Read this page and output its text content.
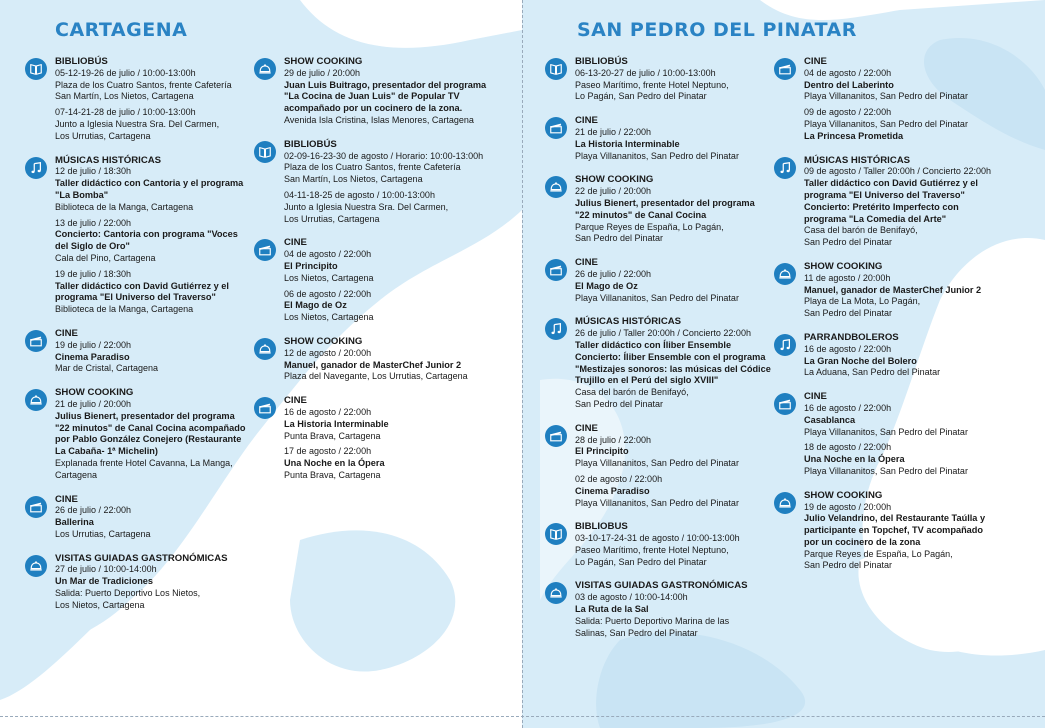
CARTAGENA	SAN PEDRO DEL PINATAR
BIBLIOBÚS
05-12-19-26 de julio / 10:00-13:00h
Plaza de los Cuatro Santos, frente Cafetería
San Martín, Los Nietos, Cartagena
07-14-21-28 de julio / 10:00-13:00h
Junto a Iglesia Nuestra Sra. Del Carmen,
Los Urrutias, Cartagena
MÚSICAS HISTÓRICAS
12 de julio / 18:30h
Taller didáctico con Cantoria y el programa
"La Bomba"
Biblioteca de la Manga, Cartagena
13 de julio / 22:00h
Concierto: Cantoria con programa "Voces
del Siglo de Oro"
Cala del Pino, Cartagena
19 de julio / 18:30h
Taller didáctico con David Gutiérrez y el
programa "El Universo del Traverso"
Biblioteca de la Manga, Cartagena
CINE
19 de julio / 22:00h
Cinema Paradiso
Mar de Cristal, Cartagena
SHOW COOKING
21 de julio / 20:00h
Julius Bienert, presentador del programa
"22 minutos" de Canal Cocina acompañado
por Pablo González Conejero (Restaurante
La Cabaña- 1ª Michelin)
Explanada frente Hotel Cavanna, La Manga,
Cartagena
CINE
26 de julio / 22:00h
Ballerina
Los Urrutias, Cartagena
VISITAS GUIADAS GASTRONÓMICAS
27 de julio / 10:00-14:00h
Un Mar de Tradiciones
Salida: Puerto Deportivo Los Nietos,
Los Nietos, Cartagena
SHOW COOKING
29 de julio / 20:00h
Juan Luis Buitrago, presentador del programa
"La Cocina de Juan Luis" de Popular TV
acompañado por un cocinero de la zona.
Avenida Isla Cristina, Islas Menores, Cartagena
BIBLIOBÚS
02-09-16-23-30 de agosto / Horario: 10:00-13:00h
Plaza de los Cuatro Santos, frente Cafetería
San Martín, Los Nietos, Cartagena
04-11-18-25 de agosto / 10:00-13:00h
Junto a Iglesia Nuestra Sra. Del Carmen,
Los Urrutias, Cartagena
CINE
04 de agosto / 22:00h
El Principito
Los Nietos, Cartagena
06 de agosto / 22:00h
El Mago de Oz
Los Nietos, Cartagena
SHOW COOKING
12 de agosto / 20:00h
Manuel, ganador de MasterChef Junior 2
Plaza del Navegante, Los Urrutias, Cartagena
CINE
16 de agosto / 22:00h
La Historia Interminable
Punta Brava, Cartagena
17 de agosto / 22:00h
Una Noche en la Ópera
Punta Brava, Cartagena
BIBLIOBÚS
06-13-20-27 de julio / 10:00-13:00h
Paseo Marítimo, frente Hotel Neptuno,
Lo Pagán, San Pedro del Pinatar
CINE
21 de julio / 22:00h
La Historia Interminable
Playa Villananitos, San Pedro del Pinatar
SHOW COOKING
22 de julio / 20:00h
Julius Bienert, presentador del programa
"22 minutos" de Canal Cocina
Parque Reyes de España, Lo Pagán,
San Pedro del Pinatar
CINE
26 de julio / 22:00h
El Mago de Oz
Playa Villananitos, San Pedro del Pinatar
MÚSICAS HISTÓRICAS
26 de julio / Taller 20:00h / Concierto 22:00h
Taller didáctico con Íliber Ensemble
Concierto: Íliber Ensemble con el programa
"Mestizajes sonoros: las músicas del Códice
Trujillo en el Perú del siglo XVIII"
Casa del barón de Benifayó,
San Pedro del Pinatar
CINE
28 de julio / 22:00h
El Principito
Playa Villananitos, San Pedro del Pinatar
02 de agosto / 22:00h
Cinema Paradiso
Playa Villananitos, San Pedro del Pinatar
BIBLIOBUS
03-10-17-24-31 de agosto / 10:00-13:00h
Paseo Marítimo, frente Hotel Neptuno,
Lo Pagán, San Pedro del Pinatar
VISITAS GUIADAS GASTRONÓMICAS
03 de agosto / 10:00-14:00h
La Ruta de la Sal
Salida: Puerto Deportivo Marina de las
Salinas, San Pedro del Pinatar
CINE
04 de agosto / 22:00h
Dentro del Laberinto
Playa Villananitos, San Pedro del Pinatar
09 de agosto / 22:00h
Playa Villananitos, San Pedro del Pinatar
La Princesa Prometida
MÚSICAS HISTÓRICAS
09 de agosto / Taller 20:00h / Concierto 22:00h
Taller didáctico con David Gutiérrez y el
programa "El Universo del Traverso"
Concierto: Pretérito Imperfecto con
programa "La Comedia del Arte"
Casa del barón de Benifayó,
San Pedro del Pinatar
SHOW COOKING
11 de agosto / 20:00h
Manuel, ganador de MasterChef Junior 2
Playa de La Mota, Lo Pagán,
San Pedro del Pinatar
PARRANDBOLEROS
16 de agosto / 22:00h
La Gran Noche del Bolero
La Aduana, San Pedro del Pinatar
CINE
16 de agosto / 22:00h
Casablanca
Playa Villananitos, San Pedro del Pinatar
18 de agosto / 22:00h
Una Noche en la Ópera
Playa Villananitos, San Pedro del Pinatar
SHOW COOKING
19 de agosto / 20:00h
Julio Velandrino, del Restaurante Taúlla y
participante en Topchef, TV acompañado
por un cocinero de la zona
Parque Reyes de España, Lo Pagán,
San Pedro del Pinatar
